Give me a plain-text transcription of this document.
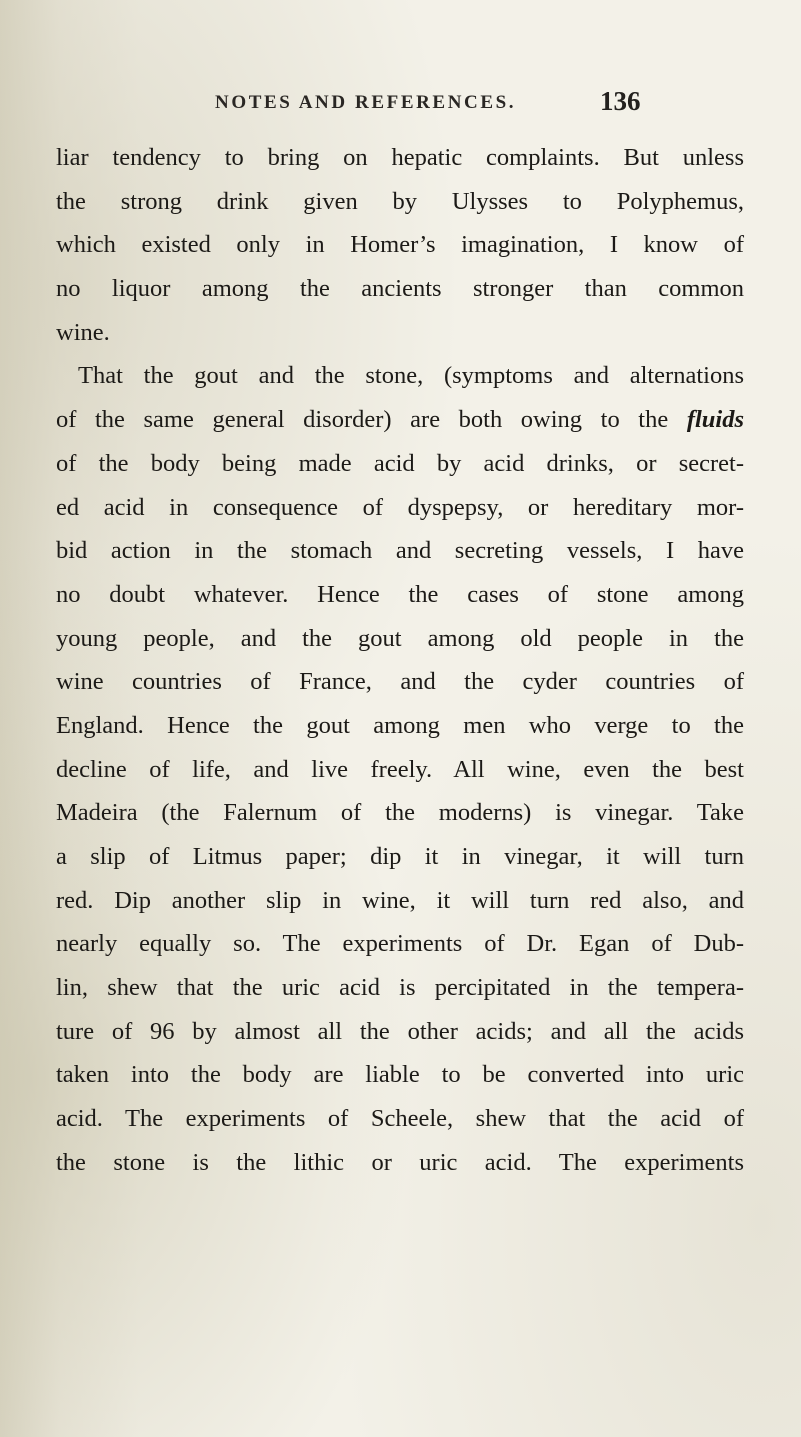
NOTES AND REFERENCES.	136
liar tendency to bring on hepatic complaints. But unless
the strong drink given by Ulysses to Polyphemus,
which existed only in Homer’s imagination, I know of
no liquor among the ancients stronger than common
wine.
That the gout and the stone, (symptoms and alternations
of the same general disorder) are both owing to the fluids
of the body being made acid by acid drinks, or secret-
ed acid in consequence of dyspepsy, or hereditary mor-
bid action in the stomach and secreting vessels, I have
no doubt whatever. Hence the cases of stone among
young people, and the gout among old people in the
wine countries of France, and the cyder countries of
England. Hence the gout among men who verge to the
decline of life, and live freely. All wine, even the best
Madeira (the Falernum of the moderns) is vinegar. Take
a slip of Litmus paper; dip it in vinegar, it will turn
red. Dip another slip in wine, it will turn red also, and
nearly equally so. The experiments of Dr. Egan of Dub-
lin, shew that the uric acid is percipitated in the tempera-
ture of 96 by almost all the other acids; and all the acids
taken into the body are liable to be converted into uric
acid. The experiments of Scheele, shew that the acid of
the stone is the lithic or uric acid. The experiments
